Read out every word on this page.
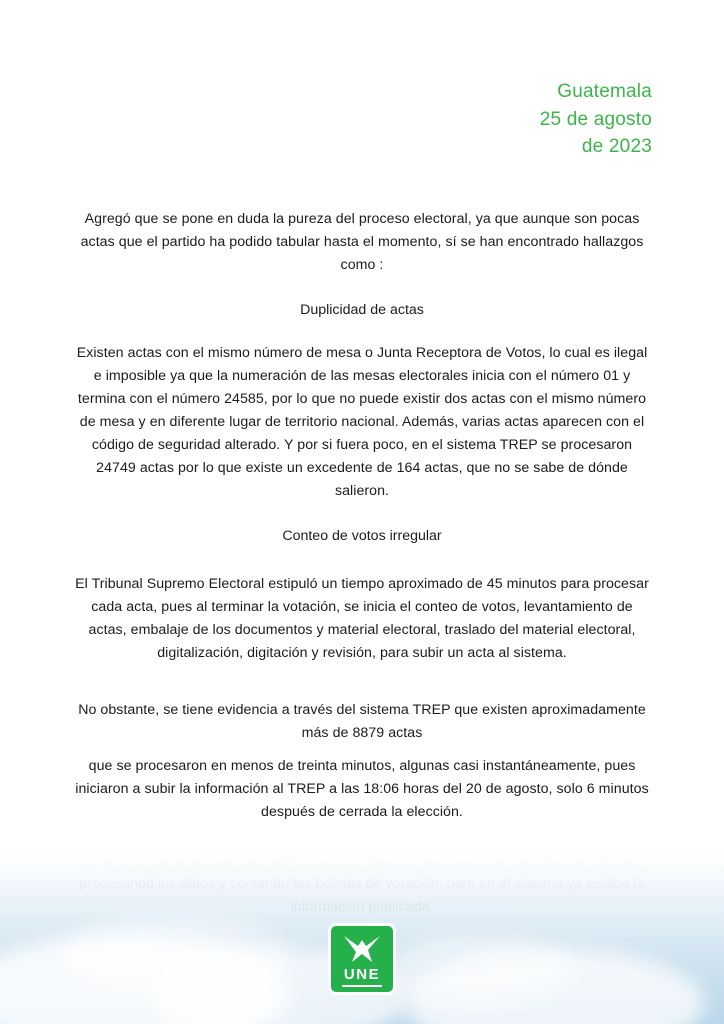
Guatemala
25 de agosto
de 2023

Agregó que se pone en duda la pureza del proceso electoral, ya que aunque son pocas actas que el partido ha podido tabular hasta el momento, sí se han encontrado hallazgos como :

Duplicidad de actas

Existen actas con el mismo número de mesa o Junta Receptora de Votos, lo cual es ilegal e imposible ya que la numeración de las mesas electorales inicia con el número 01 y termina con el número 24585, por lo que no puede existir dos actas con el mismo número de mesa y en diferente lugar de territorio nacional. Además, varias actas aparecen con el código de seguridad alterado. Y por si fuera poco, en el sistema TREP se procesaron 24749 actas por lo que existe un excedente de 164 actas, que no se sabe de dónde salieron.

Conteo de votos irregular

El Tribunal Supremo Electoral estipuló un tiempo aproximado de 45 minutos para procesar cada acta, pues al terminar la votación, se inicia el conteo de votos, levantamiento de actas, embalaje de los documentos y material electoral, traslado del material electoral, digitalización, digitación y revisión, para subir un acta al sistema.

No obstante, se tiene evidencia a través del sistema TREP que existen aproximadamente más de 8879 actas

que se procesaron en menos de treinta minutos, algunas casi instantáneamente, pues iniciaron a subir la información al TREP a las 18:06 horas del 20 de agosto, solo 6 minutos después de cerrada la elección.

UNE
